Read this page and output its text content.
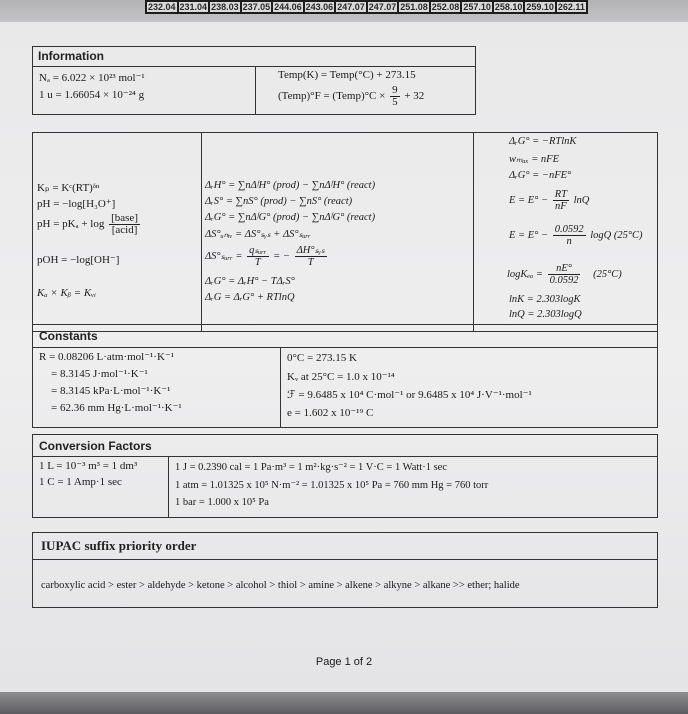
232.04 231.04 238.03 237.05 244.06 243.06 247.07 247.07 251.08 252.08 257.10 258.10 259.10 262.11
Information
Nₐ = 6.022 × 10²³ mol⁻¹
1 u = 1.66054 × 10⁻²⁴ g
Temp(K) = Temp(°C) + 273.15
(Temp)°F = (Temp)°C × $\frac{9}{5} + 32$
Kₚ = Kᶜ(RT)ᵟⁿ
pH = −log[H₃O⁺]
pH = $pK_a + \log \frac{\text{[base]}}{\text{[acid]}}$
pOH = −log[OH⁻]
Kₐ × Kᵦ = Kᵥᵢ
ΔᵣH° = ∑nΔᶠH° (prod) − ∑nΔᶠH° (react)
ΔᵣS° = ∑nS° (prod) − ∑nS° (react)
ΔᵣG° = ∑nΔᶠG° (prod) − ∑nΔᶠG° (react)
ΔS°ᵤₙᵢᵥ = ΔS°ₛᵧₛ + ΔS°ₛᵤᵣᵣ
ΔS°ₛᵤᵣᵣ = $\frac{\text{qₛᵤᵣᵣ}}{T}$ = − $\frac{\text{ΔH°ₛᵧₛ}}{T}$
ΔᵣG° = ΔᵣH° − TΔᵣS°
ΔᵣG = ΔᵣG° + RTlnQ
ΔᵣG° = −RTlnK
wₘₐₓ = nFE
ΔᵣG° = −nFE°
$E = E^\circ - \frac{RT}{nF}$ lnQ
$E = E^\circ - \frac{0.0592}{n}$ logQ (25°C)
$\log K_{ea} = \frac{nE^\circ}{0.0592} (25^\circ C)$
lnK = 2.303logK
lnQ = 2.303logQ
Constants
R = 0.08206 L·atm·mol⁻¹·K⁻¹
= 8.3145 J·mol⁻¹·K⁻¹
= 8.3145 kPa·L·mol⁻¹·K⁻¹
= 62.36 mm Hg·L·mol⁻¹·K⁻¹
0°C = 273.15 K
Kᵥ at 25°C = 1.0 x 10⁻¹⁴
ℱ = 9.6485 x 10⁴ C·mol⁻¹ or 9.6485 x 10⁴ J·V⁻¹·mol⁻¹
e = 1.602 x 10⁻¹⁹ C
Conversion Factors
1 L = 10⁻³ m³ = 1 dm³
1 C = 1 Amp·1 sec
1 J = 0.2390 cal = 1 Pa·m³ = 1 m²·kg·s⁻² = 1 V·C = 1 Watt·1 sec
1 atm = 1.01325 x 10⁵ N·m⁻² = 1.01325 x 10⁵ Pa = 760 mm Hg = 760 torr
1 bar = 1.000 x 10⁵ Pa
IUPAC suffix priority order
carboxylic acid > ester > aldehyde > ketone > alcohol > thiol > amine > alkene > alkyne > alkane >> ether; halide
Page 1 of 2
